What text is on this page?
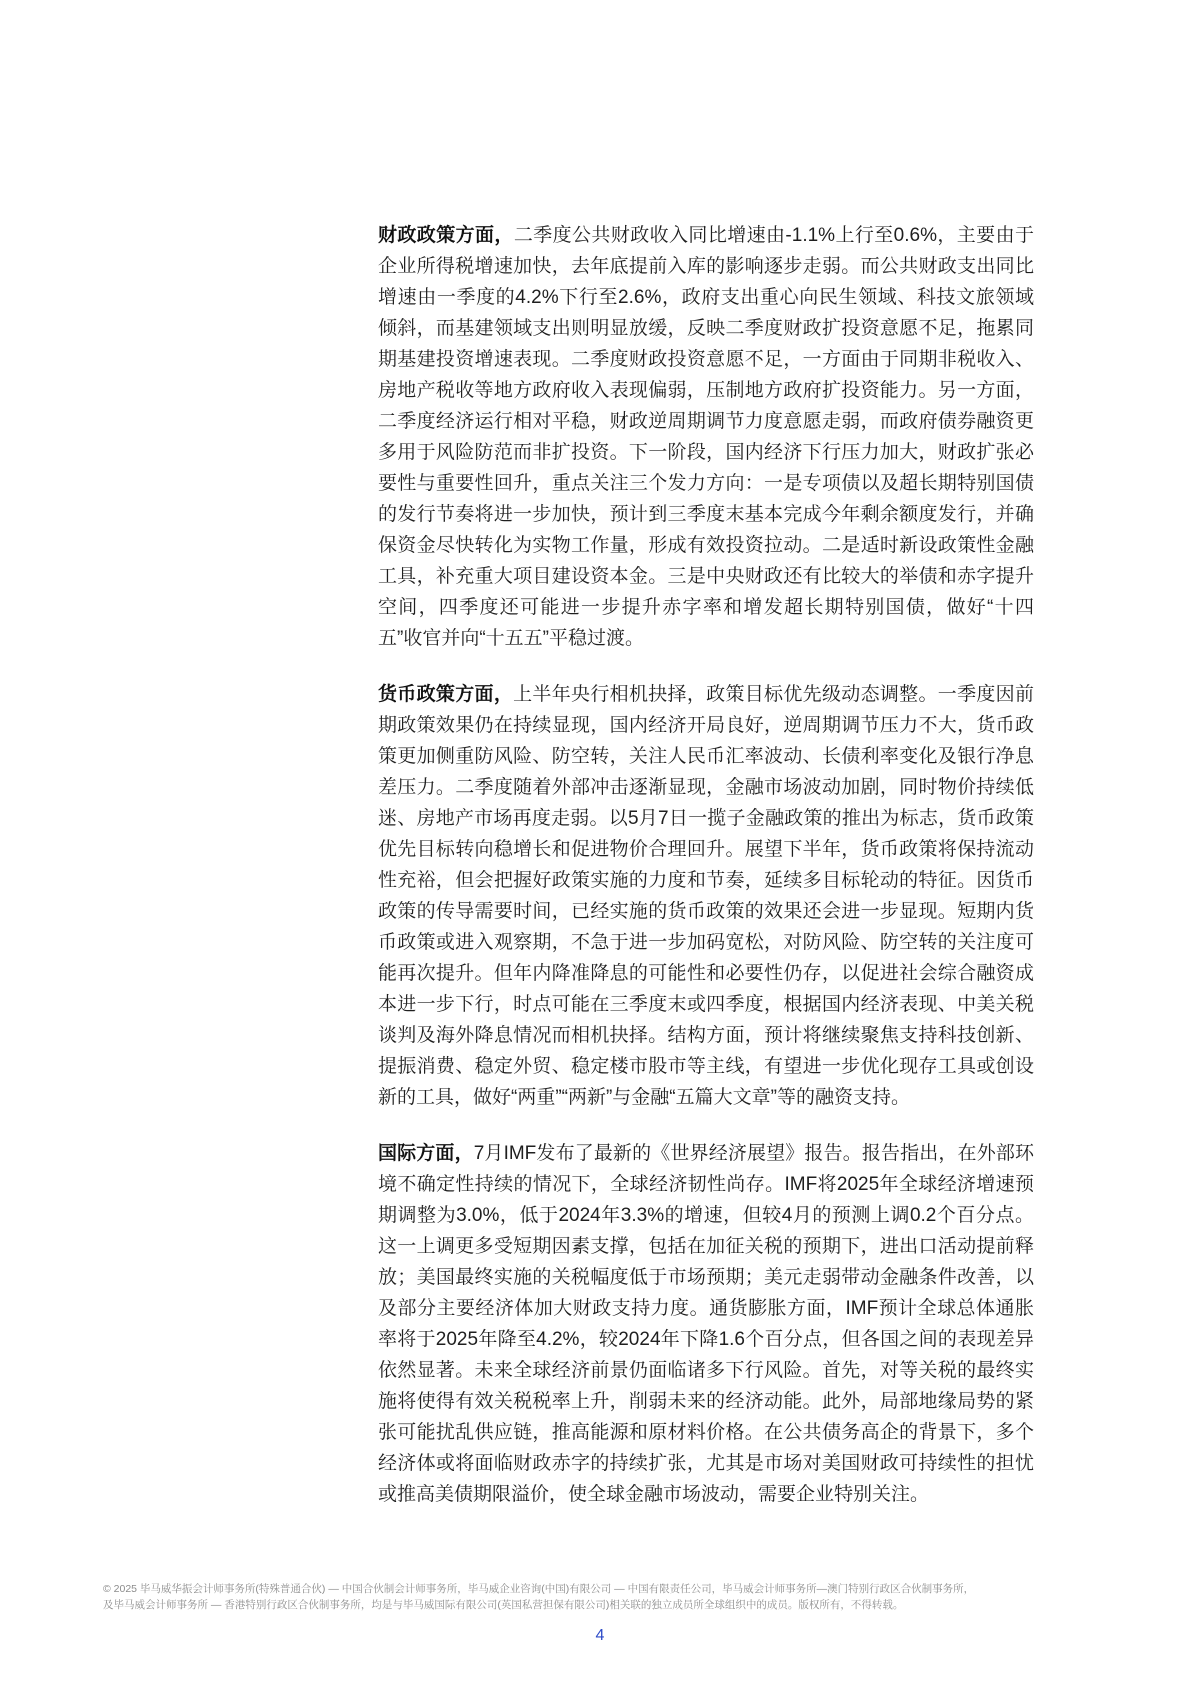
财政政策方面，二季度公共财政收入同比增速由-1.1%上行至0.6%，主要由于企业所得税增速加快，去年底提前入库的影响逐步走弱。而公共财政支出同比增速由一季度的4.2%下行至2.6%，政府支出重心向民生领域、科技文旅领域倾斜，而基建领域支出则明显放缓，反映二季度财政扩投资意愿不足，拖累同期基建投资增速表现。二季度财政投资意愿不足，一方面由于同期非税收入、房地产税收等地方政府收入表现偏弱，压制地方政府扩投资能力。另一方面，二季度经济运行相对平稳，财政逆周期调节力度意愿走弱，而政府债券融资更多用于风险防范而非扩投资。下一阶段，国内经济下行压力加大，财政扩张必要性与重要性回升，重点关注三个发力方向：一是专项债以及超长期特别国债的发行节奏将进一步加快，预计到三季度末基本完成今年剩余额度发行，并确保资金尽快转化为实物工作量，形成有效投资拉动。二是适时新设政策性金融工具，补充重大项目建设资本金。三是中央财政还有比较大的举债和赤字提升空间，四季度还可能进一步提升赤字率和增发超长期特别国债，做好“十四五”收官并向“十五五”平稳过渡。

货币政策方面，上半年央行相机抉择，政策目标优先级动态调整。一季度因前期政策效果仍在持续显现，国内经济开局良好，逆周期调节压力不大，货币政策更加侧重防风险、防空转，关注人民币汇率波动、长债利率变化及银行净息差压力。二季度随着外部冲击逐渐显现，金融市场波动加剧，同时物价持续低迷、房地产市场再度走弱。以5月7日一揽子金融政策的推出为标志，货币政策优先目标转向稳增长和促进物价合理回升。展望下半年，货币政策将保持流动性充裕，但会把握好政策实施的力度和节奏，延续多目标轮动的特征。因货币政策的传导需要时间，已经实施的货币政策的效果还会进一步显现。短期内货币政策或进入观察期，不急于进一步加码宽松，对防风险、防空转的关注度可能再次提升。但年内降准降息的可能性和必要性仍存，以促进社会综合融资成本进一步下行，时点可能在三季度末或四季度，根据国内经济表现、中美关税谈判及海外降息情况而相机抉择。结构方面，预计将继续聚焦支持科技创新、提振消费、稳定外贸、稳定楼市股市等主线，有望进一步优化现存工具或创设新的工具，做好“两重”“两新”与金融“五篇大文章”等的融资支持。

国际方面，7月IMF发布了最新的《世界经济展望》报告。报告指出，在外部环境不确定性持续的情况下，全球经济韧性尚存。IMF将2025年全球经济增速预期调整为3.0%，低于2024年3.3%的增速，但较4月的预测上调0.2个百分点。这一上调更多受短期因素支撑，包括在加征关税的预期下，进出口活动提前释放；美国最终实施的关税幅度低于市场预期；美元走弱带动金融条件改善，以及部分主要经济体加大财政支持力度。通货膨胀方面，IMF预计全球总体通胀率将于2025年降至4.2%，较2024年下降1.6个百分点，但各国之间的表现差异依然显著。未来全球经济前景仍面临诸多下行风险。首先，对等关税的最终实施将使得有效关税税率上升，削弱未来的经济动能。此外，局部地缘局势的紧张可能扰乱供应链，推高能源和原材料价格。在公共债务高企的背景下，多个经济体或将面临财政赤字的持续扩张，尤其是市场对美国财政可持续性的担忧或推高美债期限溢价，使全球金融市场波动，需要企业特别关注。

© 2025 毕马威华振会计师事务所(特殊普通合伙) — 中国合伙制会计师事务所，毕马威企业咨询(中国)有限公司 — 中国有限责任公司，毕马威会计师事务所—澳门特别行政区合伙制事务所，
及毕马威会计师事务所 — 香港特别行政区合伙制事务所，均是与毕马威国际有限公司(英国私营担保有限公司)相关联的独立成员所全球组织中的成员。版权所有，不得转载。
4
